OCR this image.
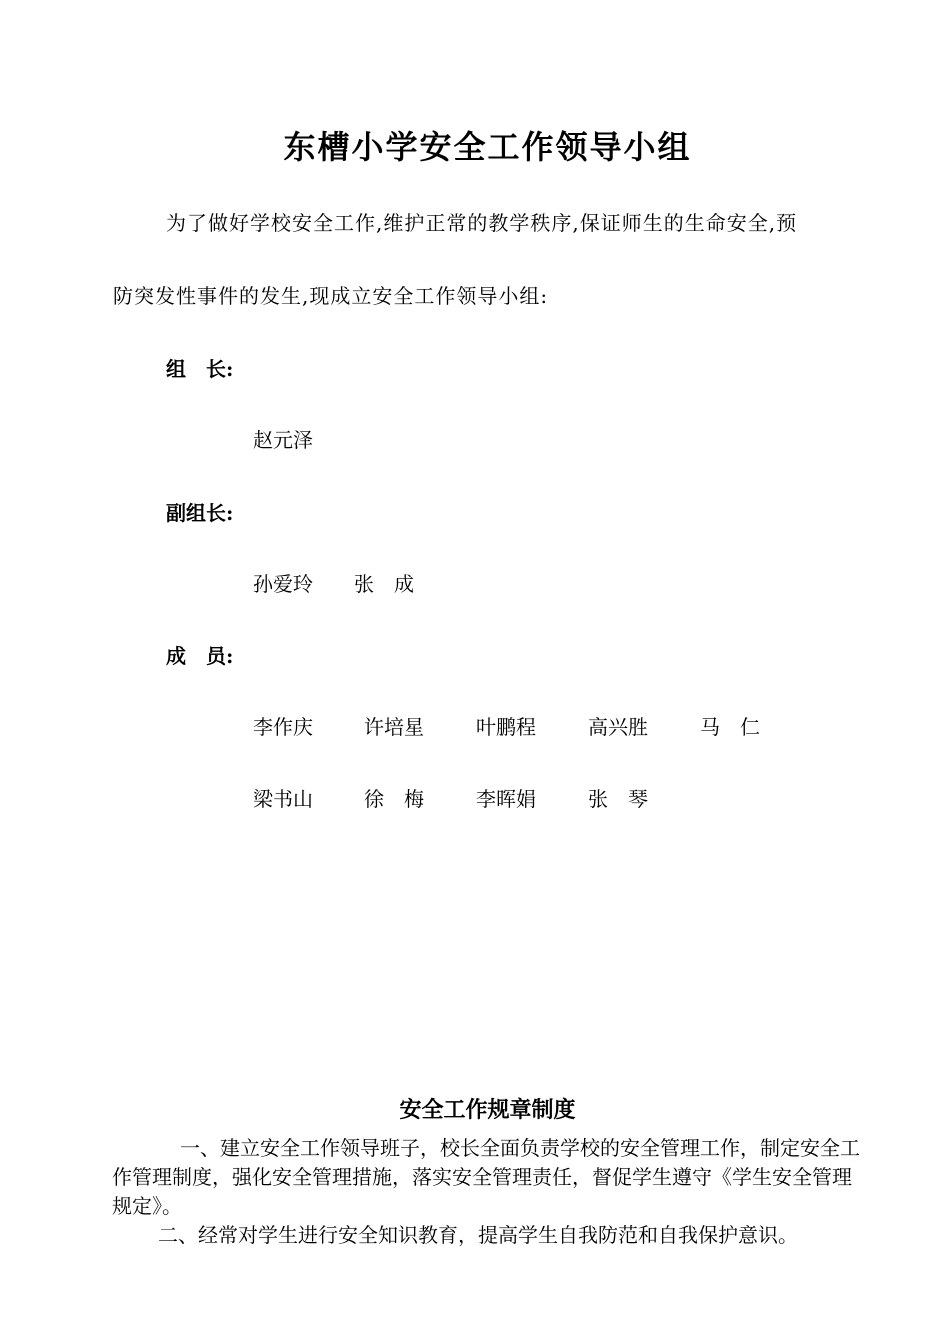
东槽小学安全工作领导小组
为了做好学校安全工作,维护正常的教学秩序,保证师生的生命安全,预
防突发性事件的发生,现成立安全工作领导小组:
组　长:
赵元泽
副组长:
孙爱玲 张　成
成　员:
李作庆	许培星	叶鹏程	高兴胜	马　仁
梁书山	徐　梅	李晖娟	张　琴
安全工作规章制度

一、建立安全工作领导班子，校长全面负责学校的安全管理工作，制定安全工作管理制度，强化安全管理措施，落实安全管理责任，督促学生遵守《学生安全管理规定》。

二、经常对学生进行安全知识教育，提高学生自我防范和自我保护意识。
